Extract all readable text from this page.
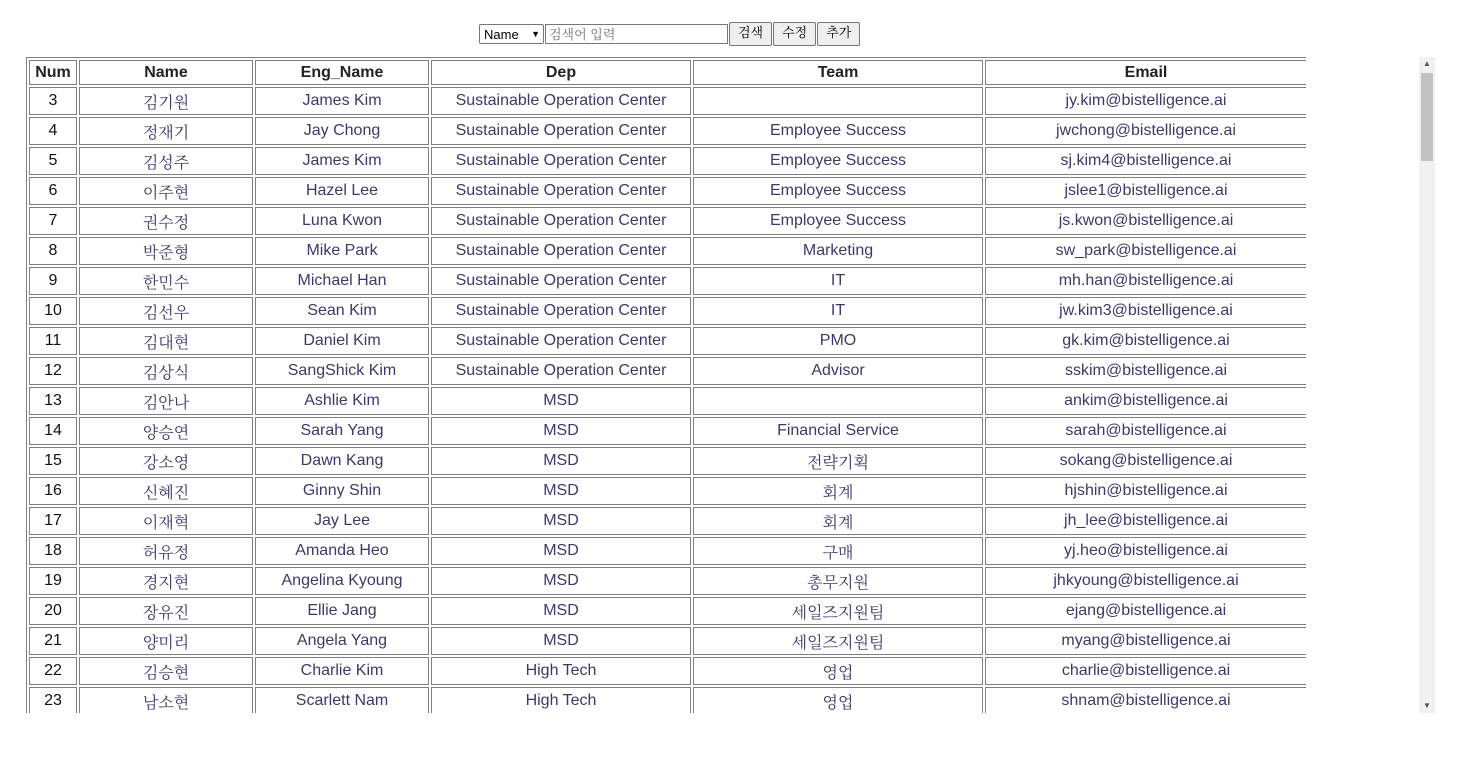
Name ▼
검색어 입력	검색	수정	추가
Num	Name	Eng_Name	Dep	Team	Email
3	김기원	James Kim	Sustainable Operation Center		jy.kim@bistelligence.ai
4	정재기	Jay Chong	Sustainable Operation Center	Employee Success	jwchong@bistelligence.ai
5	김성주	James Kim	Sustainable Operation Center	Employee Success	sj.kim4@bistelligence.ai
6	이주현	Hazel Lee	Sustainable Operation Center	Employee Success	jslee1@bistelligence.ai
7	권수정	Luna Kwon	Sustainable Operation Center	Employee Success	js.kwon@bistelligence.ai
8	박준형	Mike Park	Sustainable Operation Center	Marketing	sw_park@bistelligence.ai
9	한민수	Michael Han	Sustainable Operation Center	IT	mh.han@bistelligence.ai
10	김선우	Sean Kim	Sustainable Operation Center	IT	jw.kim3@bistelligence.ai
11	김대현	Daniel Kim	Sustainable Operation Center	PMO	gk.kim@bistelligence.ai
12	김상식	SangShick Kim	Sustainable Operation Center	Advisor	sskim@bistelligence.ai
13	김안나	Ashlie Kim	MSD		ankim@bistelligence.ai
14	양승연	Sarah Yang	MSD	Financial Service	sarah@bistelligence.ai
15	강소영	Dawn Kang	MSD	전략기획	sokang@bistelligence.ai
16	신혜진	Ginny Shin	MSD	회계	hjshin@bistelligence.ai
17	이재혁	Jay Lee	MSD	회계	jh_lee@bistelligence.ai
18	허유정	Amanda Heo	MSD	구매	yj.heo@bistelligence.ai
19	경지현	Angelina Kyoung	MSD	총무지원	jhkyoung@bistelligence.ai
20	장유진	Ellie Jang	MSD	세일즈지원팀	ejang@bistelligence.ai
21	양미리	Angela Yang	MSD	세일즈지원팀	myang@bistelligence.ai
22	김승현	Charlie Kim	High Tech	영업	charlie@bistelligence.ai
23	남소현	Scarlett Nam	High Tech	영업	shnam@bistelligence.ai
▲
▼
